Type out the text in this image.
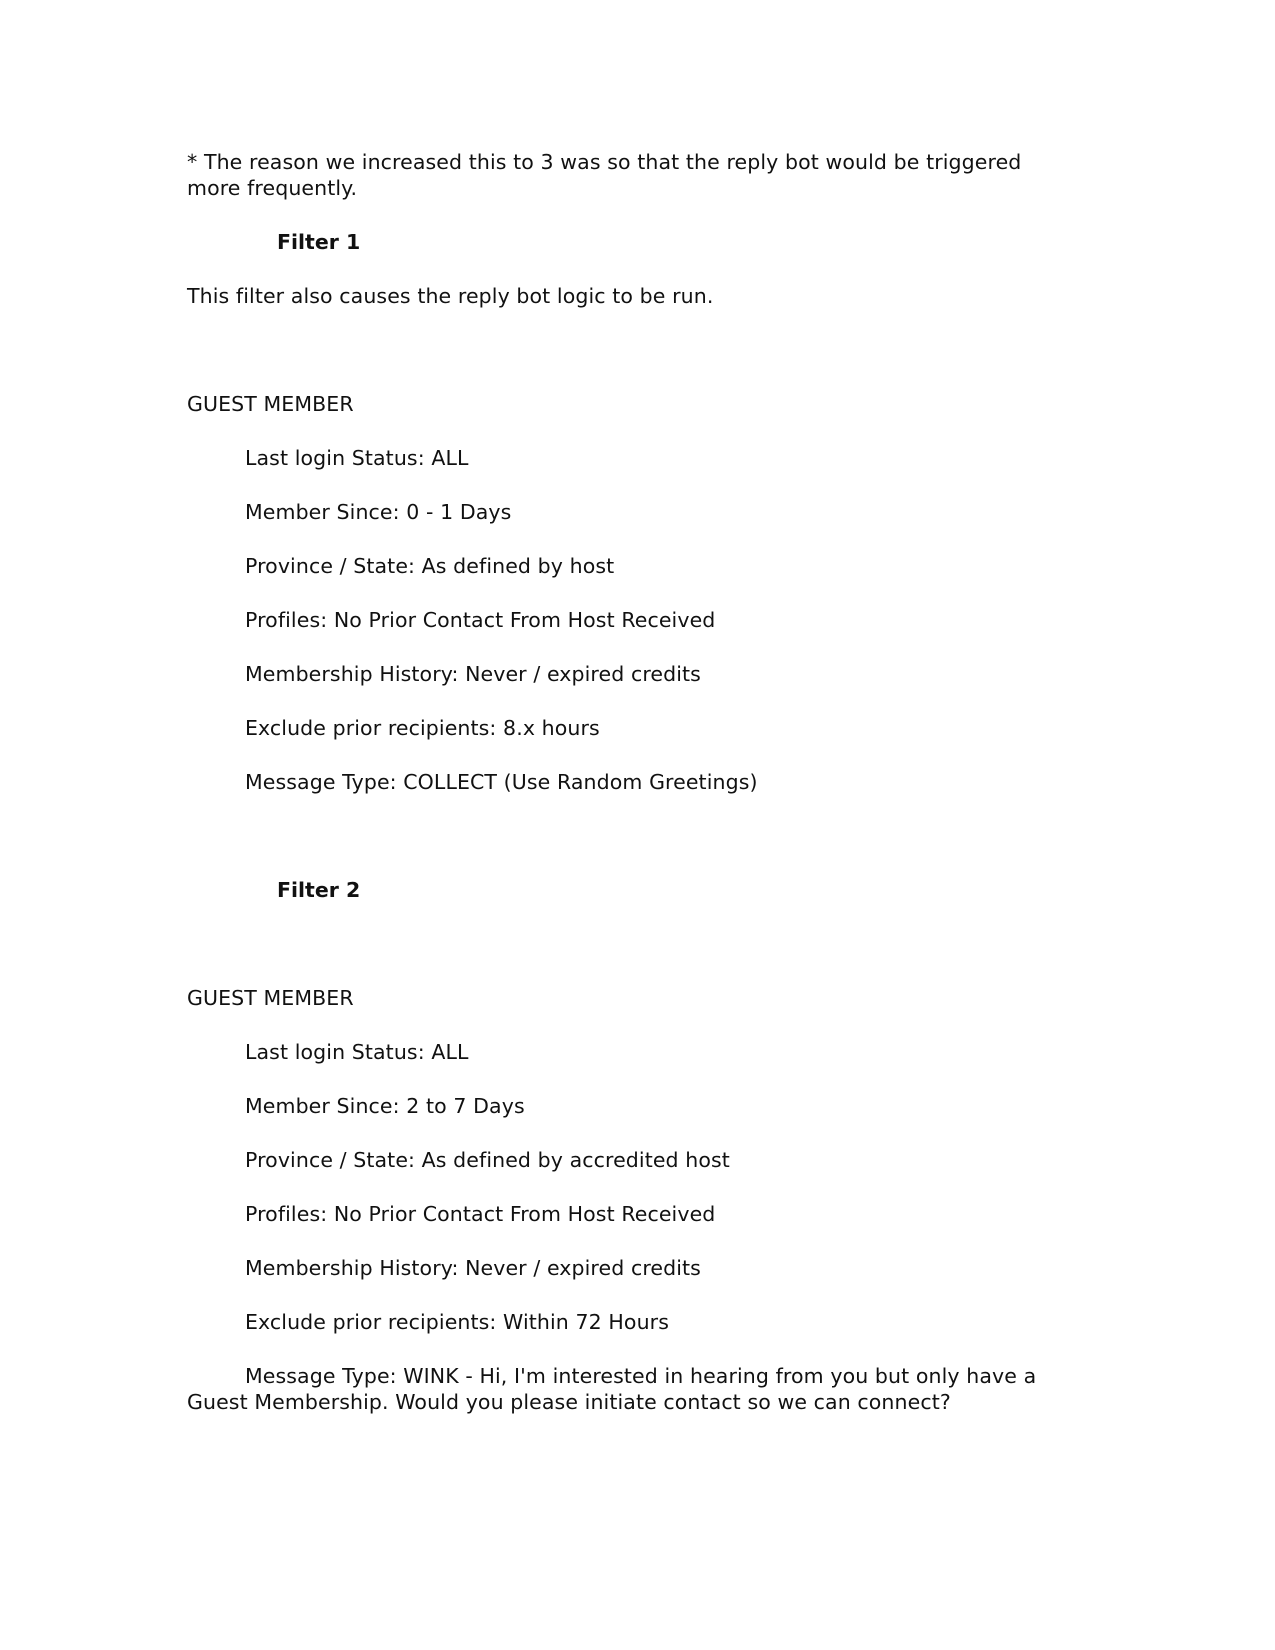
* The reason we increased this to 3 was so that the reply bot would be triggered more frequently.
Filter 1
This filter also causes the reply bot logic to be run.
GUEST MEMBER
Last login Status: ALL
Member Since: 0 - 1 Days
Province / State: As defined by host
Profiles: No Prior Contact From Host Received
Membership History: Never / expired credits
Exclude prior recipients: 8.x hours
Message Type: COLLECT (Use Random Greetings)
Filter 2
GUEST MEMBER
Last login Status: ALL
Member Since: 2 to 7 Days
Province / State: As defined by accredited host
Profiles: No Prior Contact From Host Received
Membership History: Never / expired credits
Exclude prior recipients: Within 72 Hours
Message Type: WINK - Hi, I'm interested in hearing from you but only have a Guest Membership. Would you please initiate contact so we can connect?
